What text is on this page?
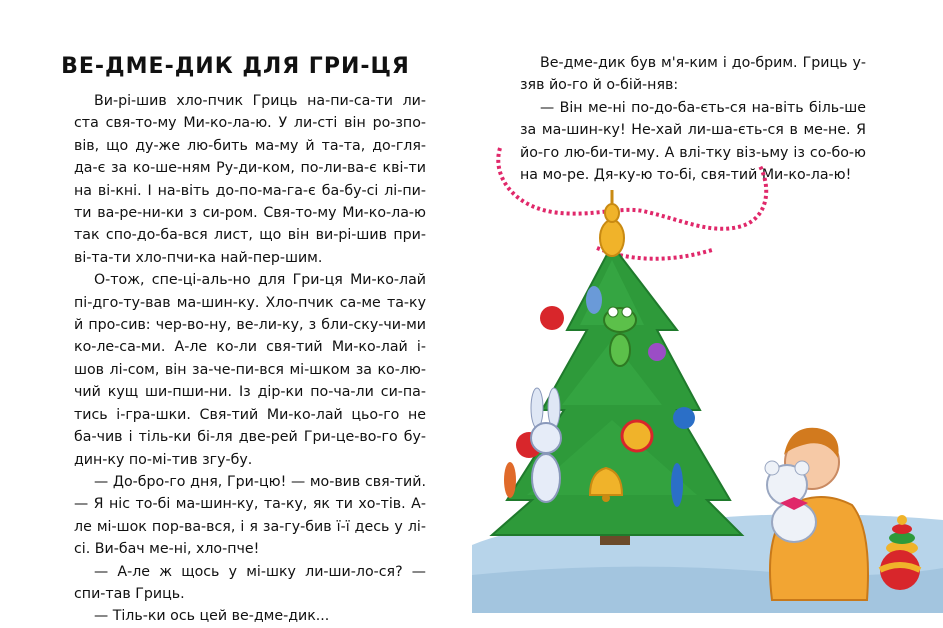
ВЕ-ДМЕ-ДИК ДЛЯ ГРИ-ЦЯ

Ви-рі-шив хло-пчик Гриць на-пи-са-ти ли-ста свя-то-му Ми-ко-ла-ю. У ли-сті він ро-зпо-вів, що ду-же лю-бить ма-му й та-та, до-гля-да-є за ко-ше-ням Ру-ди-ком, по-ли-ва-є кві-ти на ві-кні. І на-віть до-по-ма-га-є ба-бу-сі лі-пи-ти ва-ре-ни-ки з си-ром. Свя-то-му Ми-ко-ла-ю так спо-до-ба-вся лист, що він ви-рі-шив при-ві-та-ти хло-пчи-ка най-пер-шим.

О-тож, спе-ці-аль-но для Гри-ця Ми-ко-лай пі-дго-ту-вав ма-шин-ку. Хло-пчик са-ме та-ку й про-сив: чер-во-ну, ве-ли-ку, з бли-ску-чи-ми ко-ле-са-ми. А-ле ко-ли свя-тий Ми-ко-лай і-шов лі-сом, він за-че-пи-вся мі-шком за ко-лю-чий кущ ши-пши-ни. Із дір-ки по-ча-ли си-па-тись і-гра-шки. Свя-тий Ми-ко-лай цьо-го не ба-чив і тіль-ки бі-ля две-рей Гри-це-во-го бу-дин-ку по-мі-тив згу-бу.

— До-бро-го дня, Гри-цю! — мо-вив свя-тий.— Я ніс то-бі ма-шин-ку, та-ку, як ти хо-тів. А-ле мі-шок пор-ва-вся, і я за-гу-бив ї-ї десь у лі-сі. Ви-бач ме-ні, хло-пче!

— А-ле ж щось у мі-шку ли-ши-ло-ся? — спи-тав Гриць.

— Тіль-ки ось цей ве-дме-дик...

Ве-дме-дик був м'я-ким і до-брим. Гриць у-зяв йо-го й о-бій-няв:

— Він ме-ні по-до-ба-єть-ся на-віть біль-ше за ма-шин-ку! Не-хай ли-ша-єть-ся в ме-не. Я йо-го лю-би-ти-му. А влі-тку віз-ьму із со-бо-ю на мо-ре. Дя-ку-ю то-бі, свя-тий Ми-ко-ла-ю!
